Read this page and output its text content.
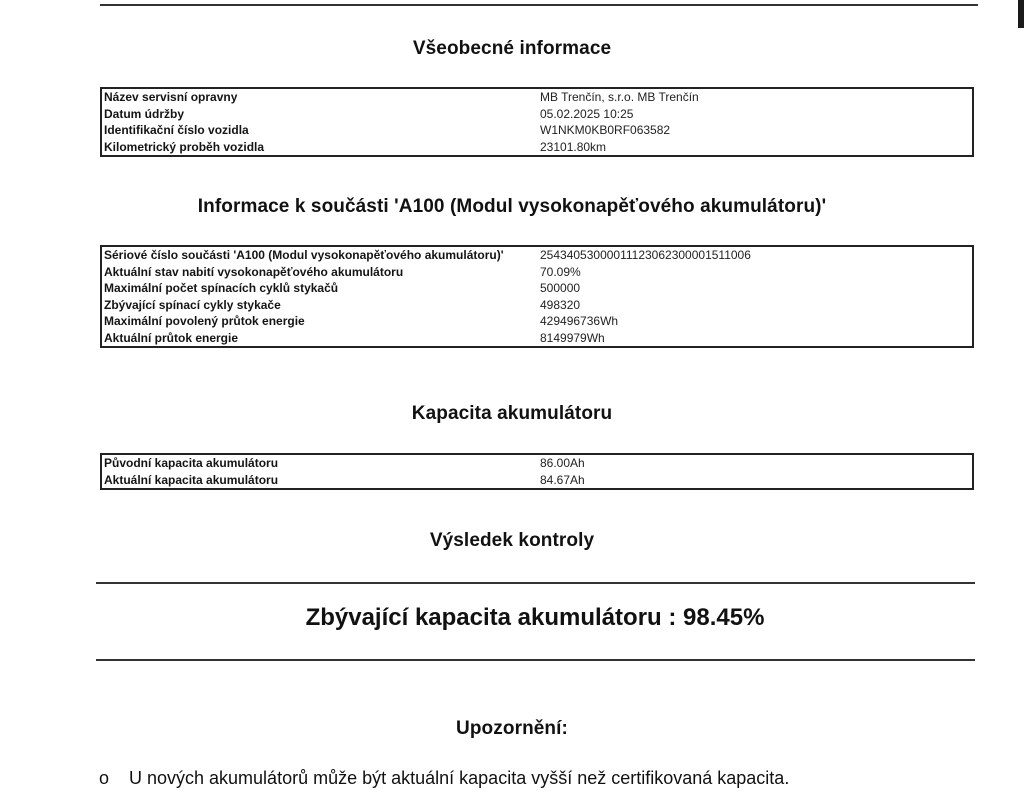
Všeobecné informace
Název servisní opravny	MB Trenčín, s.r.o. MB Trenčín
Datum údržby	05.02.2025 10:25
Identifikační číslo vozidla	W1NKM0KB0RF063582
Kilometrický proběh vozidla	23101.80km
Informace k součásti 'A100 (Modul vysokonapěťového akumulátoru)'
Sériové číslo součásti 'A100 (Modul vysokonapěťového akumulátoru)'	254340530000111230623000015110​06
Aktuální stav nabití vysokonapěťového akumulátoru	70.09%
Maximální počet spínacích cyklů stykačů	500000
Zbývající spínací cykly stykače	498320
Maximální povolený průtok energie	429496736Wh
Aktuální průtok energie	8149979Wh
Kapacita akumulátoru
Původní kapacita akumulátoru	86.00Ah
Aktuální kapacita akumulátoru	84.67Ah
Výsledek kontroly
Zbývající kapacita akumulátoru : 98.45%
Upozornění:
o	U nových akumulátorů může být aktuální kapacita vyšší než certifikovaná kapacita.
